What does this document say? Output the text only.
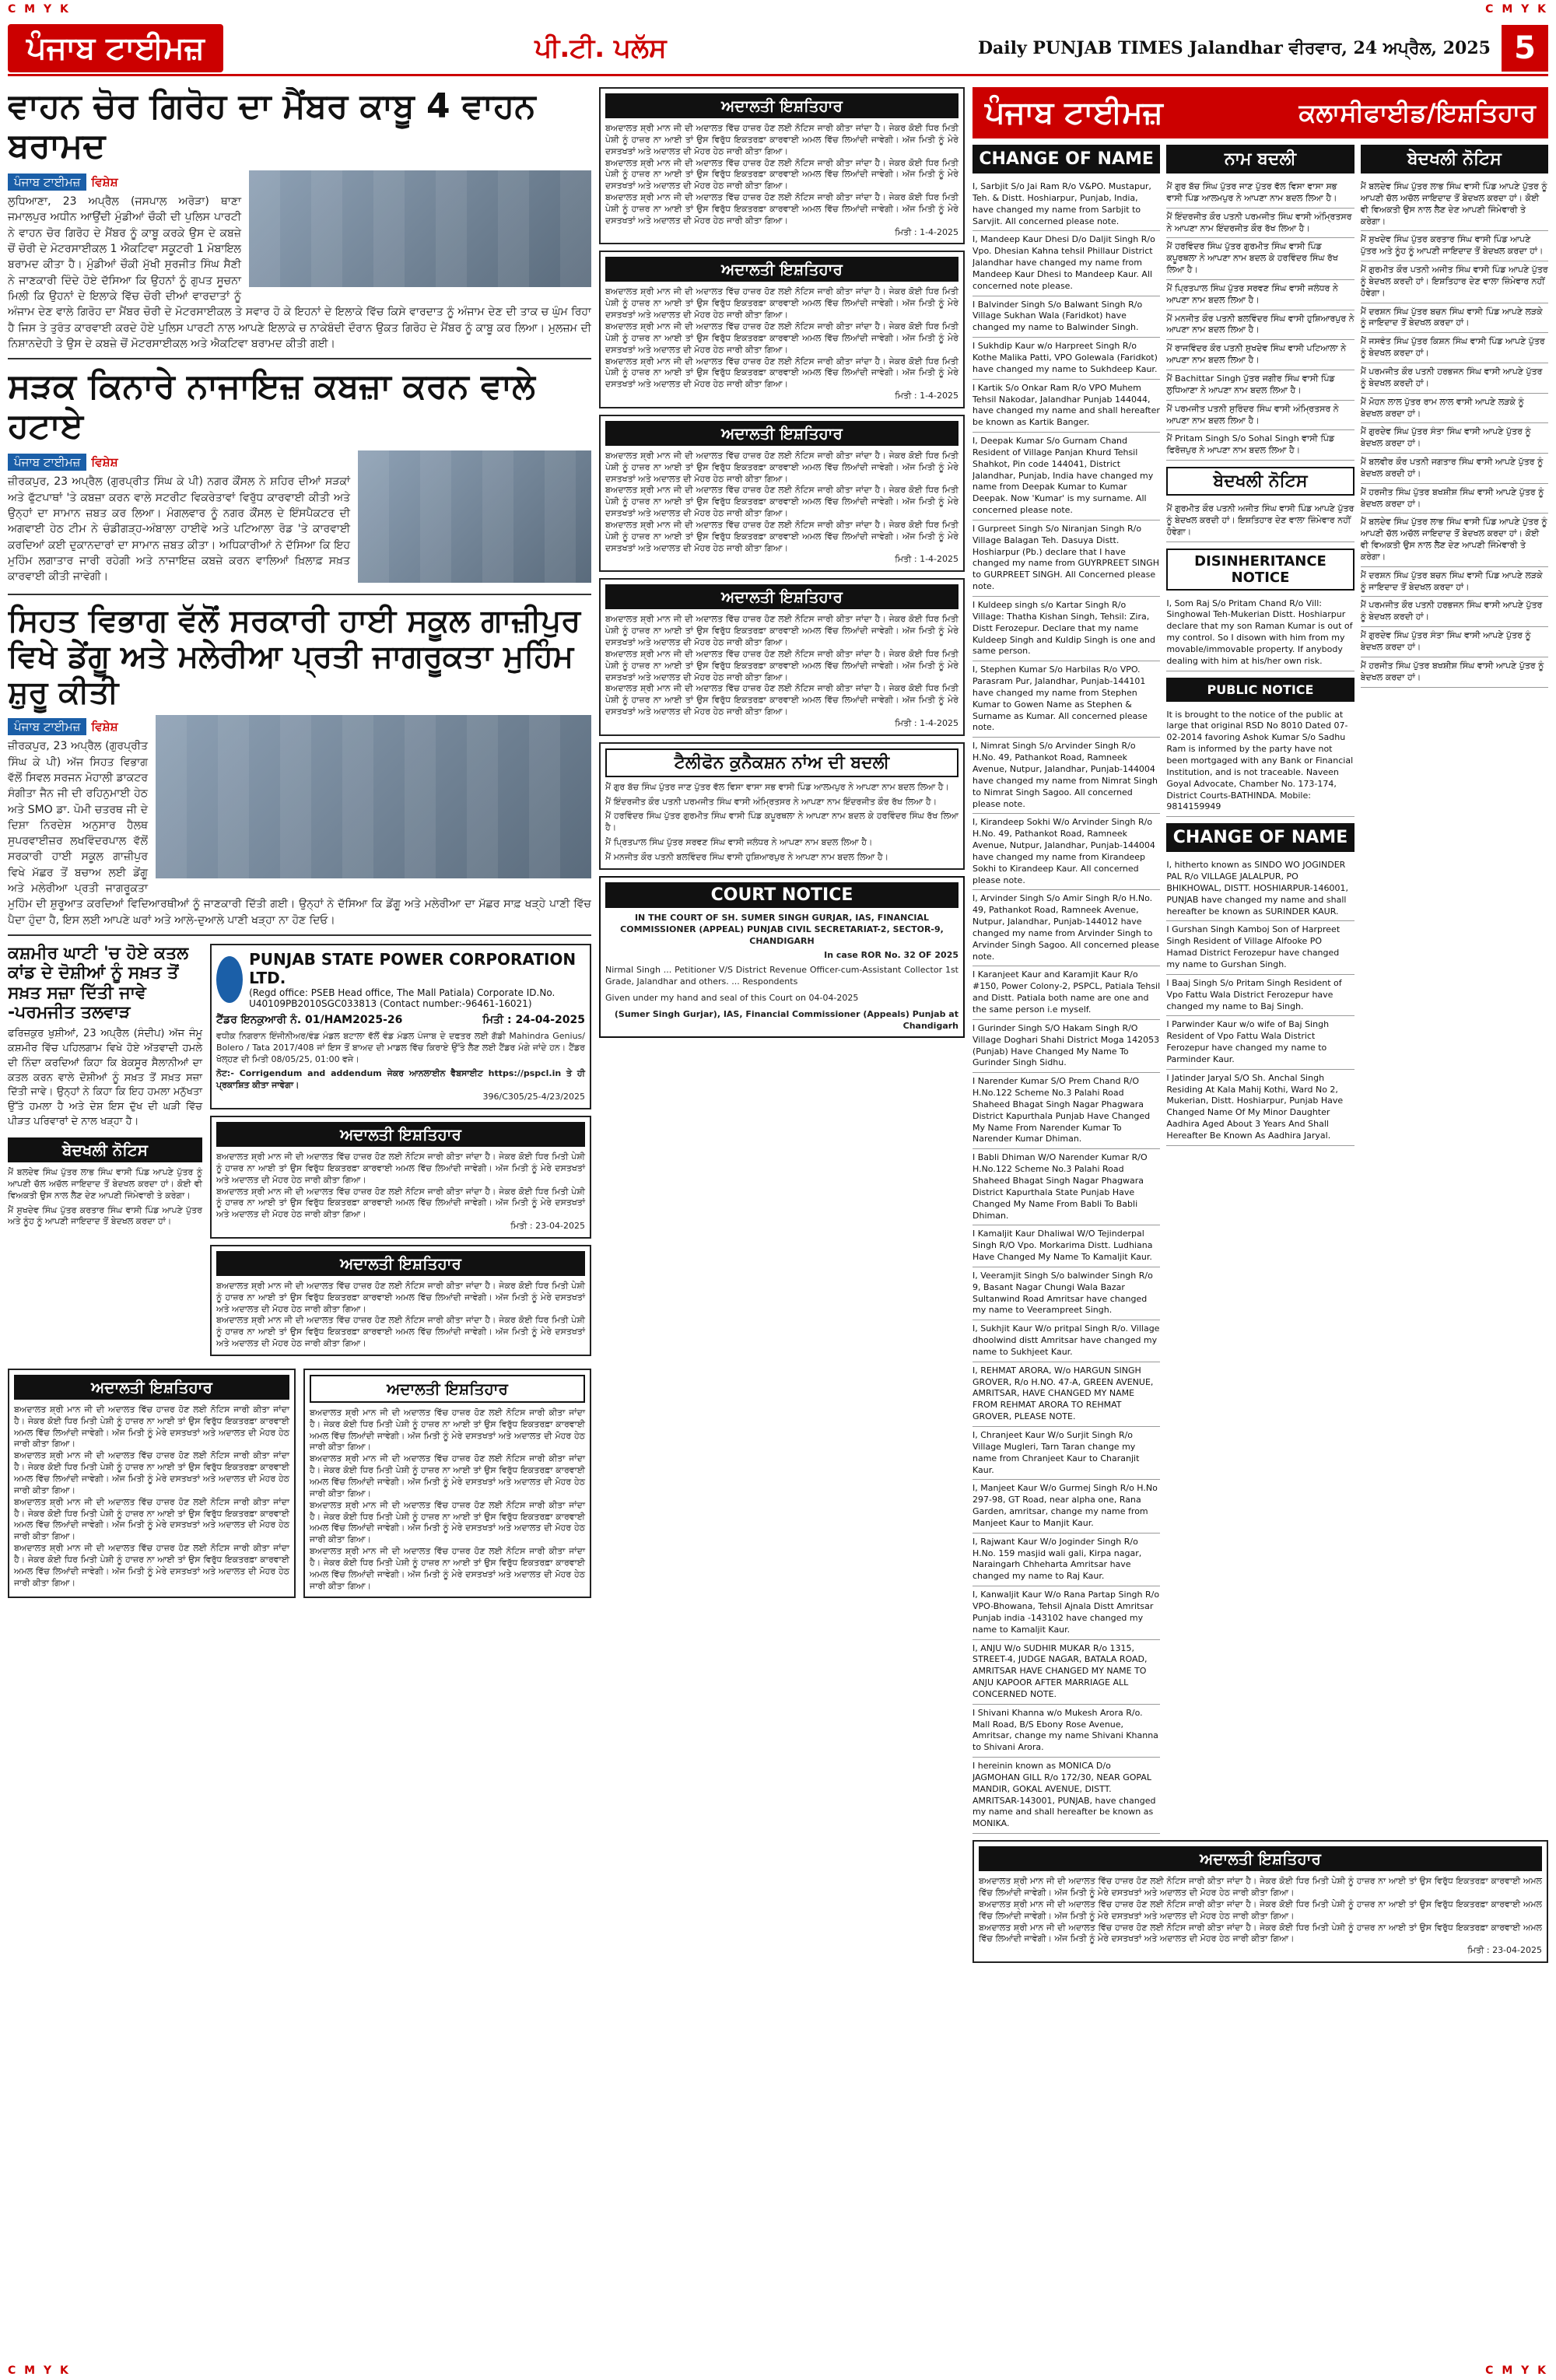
C M Y K	C M Y K
ਪੰਜਾਬ ਟਾਈਮਜ਼	ਪੀ.ਟੀ. ਪਲੱਸ	Daily PUNJAB TIMES Jalandhar ਵੀਰਵਾਰ, 24 ਅਪ੍ਰੈਲ, 2025 5
ਵਾਹਨ ਚੋਰ ਗਿਰੋਹ ਦਾ ਮੈਂਬਰ ਕਾਬੂ 4 ਵਾਹਨ ਬਰਾਮਦ
ਪੰਜਾਬ ਟਾਈਮਜ਼ ਵਿਸ਼ੇਸ਼

ਲੁਧਿਆਣਾ, 23 ਅਪ੍ਰੈਲ (ਜਸਪਾਲ ਅਰੋੜਾ) ਥਾਣਾ ਜਮਾਲਪੁਰ ਅਧੀਨ ਆਉਂਦੀ ਮੁੰਡੀਆਂ ਚੌਕੀ ਦੀ ਪੁਲਿਸ ਪਾਰਟੀ ਨੇ ਵਾਹਨ ਚੋਰ ਗਿਰੋਹ ਦੇ ਮੈਂਬਰ ਨੂੰ ਕਾਬੂ ਕਰਕੇ ਉਸ ਦੇ ਕਬਜ਼ੇ ਚੋਂ ਚੋਰੀ ਦੇ ਮੋਟਰਸਾਈਕਲ 1 ਐਕਟਿਵਾ ਸਕੂਟਰੀ 1 ਮੋਬਾਇਲ ਬਰਾਮਦ ਕੀਤਾ ਹੈ। ਮੁੰਡੀਆਂ ਚੌਕੀ ਮੁੱਖੀ ਸੁਰਜੀਤ ਸਿੰਘ ਸੈਣੀ ਨੇ ਜਾਣਕਾਰੀ ਦਿੰਦੇ ਹੋਏ ਦੱਸਿਆ ਕਿ ਉਹਨਾਂ ਨੂੰ ਗੁਪਤ ਸੂਚਨਾ ਮਿਲੀ ਕਿ ਉਹਨਾਂ ਦੇ ਇਲਾਕੇ ਵਿੱਚ ਚੋਰੀ ਦੀਆਂ ਵਾਰਦਾਤਾਂ ਨੂੰ ਅੰਜਾਮ ਦੇਣ ਵਾਲੇ ਗਿਰੋਹ ਦਾ ਮੈਂਬਰ ਚੋਰੀ ਦੇ ਮੋਟਰਸਾਈਕਲ ਤੇ ਸਵਾਰ ਹੋ ਕੇ ਇਹਨਾਂ ਦੇ ਇਲਾਕੇ ਵਿੱਚ ਕਿਸੇ ਵਾਰਦਾਤ ਨੂੰ ਅੰਜਾਮ ਦੇਣ ਦੀ ਤਾਕ ਚ ਘੁੰਮ ਰਿਹਾ ਹੈ ਜਿਸ ਤੇ ਤੁਰੰਤ ਕਾਰਵਾਈ ਕਰਦੇ ਹੋਏ ਪੁਲਿਸ ਪਾਰਟੀ ਨਾਲ ਆਪਣੇ ਇਲਾਕੇ ਚ ਨਾਕੇਬੰਦੀ ਦੌਰਾਨ ਉਕਤ ਗਿਰੋਹ ਦੇ ਮੈਂਬਰ ਨੂੰ ਕਾਬੂ ਕਰ ਲਿਆ। ਮੁਲਜ਼ਮ ਦੀ ਨਿਸ਼ਾਨਦੇਹੀ ਤੇ ਉਸ ਦੇ ਕਬਜ਼ੇ ਚੋਂ ਮੋਟਰਸਾਈਕਲ ਅਤੇ ਐਕਟਿਵਾ ਬਰਾਮਦ ਕੀਤੀ ਗਈ।

ਸੜਕ ਕਿਨਾਰੇ ਨਾਜਾਇਜ਼ ਕਬਜ਼ਾ ਕਰਨ ਵਾਲੇ ਹਟਾਏ
ਪੰਜਾਬ ਟਾਈਮਜ਼ ਵਿਸ਼ੇਸ਼

ਜ਼ੀਰਕਪੁਰ, 23 ਅਪ੍ਰੈਲ (ਗੁਰਪ੍ਰੀਤ ਸਿੰਘ ਕੇ ਪੀ) ਨਗਰ ਕੌਂਸਲ ਨੇ ਸ਼ਹਿਰ ਦੀਆਂ ਸੜਕਾਂ ਅਤੇ ਫੁੱਟਪਾਥਾਂ 'ਤੇ ਕਬਜ਼ਾ ਕਰਨ ਵਾਲੇ ਸਟਰੀਟ ਵਿਕਰੇਤਾਵਾਂ ਵਿਰੁੱਧ ਕਾਰਵਾਈ ਕੀਤੀ ਅਤੇ ਉਨ੍ਹਾਂ ਦਾ ਸਾਮਾਨ ਜ਼ਬਤ ਕਰ ਲਿਆ। ਮੰਗਲਵਾਰ ਨੂੰ ਨਗਰ ਕੌਂਸਲ ਦੇ ਇੰਸਪੈਕਟਰ ਦੀ ਅਗਵਾਈ ਹੇਠ ਟੀਮ ਨੇ ਚੰਡੀਗੜ੍ਹ-ਅੰਬਾਲਾ ਹਾਈਵੇ ਅਤੇ ਪਟਿਆਲਾ ਰੋਡ 'ਤੇ ਕਾਰਵਾਈ ਕਰਦਿਆਂ ਕਈ ਦੁਕਾਨਦਾਰਾਂ ਦਾ ਸਾਮਾਨ ਜ਼ਬਤ ਕੀਤਾ। ਅਧਿਕਾਰੀਆਂ ਨੇ ਦੱਸਿਆ ਕਿ ਇਹ ਮੁਹਿੰਮ ਲਗਾਤਾਰ ਜਾਰੀ ਰਹੇਗੀ ਅਤੇ ਨਾਜਾਇਜ਼ ਕਬਜ਼ੇ ਕਰਨ ਵਾਲਿਆਂ ਖ਼ਿਲਾਫ਼ ਸਖ਼ਤ ਕਾਰਵਾਈ ਕੀਤੀ ਜਾਵੇਗੀ।

ਸਿਹਤ ਵਿਭਾਗ ਵੱਲੋਂ ਸਰਕਾਰੀ ਹਾਈ ਸਕੂਲ ਗਾਜ਼ੀਪੁਰ ਵਿਖੇ ਡੇਂਗੂ ਅਤੇ ਮਲੇਰੀਆ ਪ੍ਰਤੀ ਜਾਗਰੂਕਤਾ ਮੁਹਿੰਮ ਸ਼ੁਰੂ ਕੀਤੀ
ਪੰਜਾਬ ਟਾਈਮਜ਼ ਵਿਸ਼ੇਸ਼

ਜ਼ੀਰਕਪੁਰ, 23 ਅਪ੍ਰੈਲ (ਗੁਰਪ੍ਰੀਤ ਸਿੰਘ ਕੇ ਪੀ) ਅੱਜ ਸਿਹਤ ਵਿਭਾਗ ਵੱਲੋਂ ਸਿਵਲ ਸਰਜਨ ਮੋਹਾਲੀ ਡਾਕਟਰ ਸੰਗੀਤਾ ਜੈਨ ਜੀ ਦੀ ਰਹਿਨੁਮਾਈ ਹੇਠ ਅਤੇ SMO ਡਾ. ਪੋਮੀ ਚਤਰਥ ਜੀ ਦੇ ਦਿਸ਼ਾ ਨਿਰਦੇਸ਼ ਅਨੁਸਾਰ ਹੈਲਥ ਸੁਪਰਵਾਈਜ਼ਰ ਲਖਵਿੰਦਰਪਾਲ ਵੱਲੋਂ ਸਰਕਾਰੀ ਹਾਈ ਸਕੂਲ ਗਾਜ਼ੀਪੁਰ ਵਿਖੇ ਮੱਛਰ ਤੋਂ ਬਚਾਅ ਲਈ ਡੇਂਗੂ ਅਤੇ ਮਲੇਰੀਆ ਪ੍ਰਤੀ ਜਾਗਰੂਕਤਾ ਮੁਹਿੰਮ ਦੀ ਸ਼ੁਰੂਆਤ ਕਰਦਿਆਂ ਵਿਦਿਆਰਥੀਆਂ ਨੂੰ ਜਾਣਕਾਰੀ ਦਿੱਤੀ ਗਈ। ਉਨ੍ਹਾਂ ਨੇ ਦੱਸਿਆ ਕਿ ਡੇਂਗੂ ਅਤੇ ਮਲੇਰੀਆ ਦਾ ਮੱਛਰ ਸਾਫ਼ ਖੜ੍ਹੇ ਪਾਣੀ ਵਿੱਚ ਪੈਦਾ ਹੁੰਦਾ ਹੈ, ਇਸ ਲਈ ਆਪਣੇ ਘਰਾਂ ਅਤੇ ਆਲੇ-ਦੁਆਲੇ ਪਾਣੀ ਖੜ੍ਹਾ ਨਾ ਹੋਣ ਦਿਓ।

ਕਸ਼ਮੀਰ ਘਾਟੀ 'ਚ ਹੋਏ ਕਤਲ ਕਾਂਡ ਦੇ ਦੋਸ਼ੀਆਂ ਨੂੰ ਸਖ਼ਤ ਤੋਂ ਸਖ਼ਤ ਸਜ਼ਾ ਦਿੱਤੀ ਜਾਵੇ -ਪਰਮਜੀਤ ਤਲਵਾੜ

ਫਰਿਜ਼ਕੁਰ ਖੁਸ਼ੀਆਂ, 23 ਅਪ੍ਰੈਲ (ਸੰਦੀਪ) ਅੱਜ ਜੰਮੂ ਕਸ਼ਮੀਰ ਵਿੱਚ ਪਹਿਲਗਾਮ ਵਿਖੇ ਹੋਏ ਅੱਤਵਾਦੀ ਹਮਲੇ ਦੀ ਨਿੰਦਾ ਕਰਦਿਆਂ ਕਿਹਾ ਕਿ ਬੇਕਸੂਰ ਸੈਲਾਨੀਆਂ ਦਾ ਕਤਲ ਕਰਨ ਵਾਲੇ ਦੋਸ਼ੀਆਂ ਨੂੰ ਸਖ਼ਤ ਤੋਂ ਸਖ਼ਤ ਸਜ਼ਾ ਦਿੱਤੀ ਜਾਵੇ। ਉਨ੍ਹਾਂ ਨੇ ਕਿਹਾ ਕਿ ਇਹ ਹਮਲਾ ਮਨੁੱਖਤਾ ਉੱਤੇ ਹਮਲਾ ਹੈ ਅਤੇ ਦੇਸ਼ ਇਸ ਦੁੱਖ ਦੀ ਘੜੀ ਵਿੱਚ ਪੀੜਤ ਪਰਿਵਾਰਾਂ ਦੇ ਨਾਲ ਖੜ੍ਹਾ ਹੈ।

ਬੇਦਖਲੀ ਨੋਟਿਸ

ਮੈਂ ਬਲਦੇਵ ਸਿੰਘ ਪੁੱਤਰ ਲਾਭ ਸਿੰਘ ਵਾਸੀ ਪਿੰਡ ਆਪਣੇ ਪੁੱਤਰ ਨੂੰ ਆਪਣੀ ਚੱਲ ਅਚੱਲ ਜਾਇਦਾਦ ਤੋਂ ਬੇਦਖਲ ਕਰਦਾ ਹਾਂ। ਕੋਈ ਵੀ ਵਿਅਕਤੀ ਉਸ ਨਾਲ ਲੈਣ ਦੇਣ ਆਪਣੀ ਜਿੰਮੇਵਾਰੀ ਤੇ ਕਰੇਗਾ।

ਮੈਂ ਸੁਖਦੇਵ ਸਿੰਘ ਪੁੱਤਰ ਕਰਤਾਰ ਸਿੰਘ ਵਾਸੀ ਪਿੰਡ ਆਪਣੇ ਪੁੱਤਰ ਅਤੇ ਨੂੰਹ ਨੂੰ ਆਪਣੀ ਜਾਇਦਾਦ ਤੋਂ ਬੇਦਖਲ ਕਰਦਾ ਹਾਂ।

PUNJAB STATE POWER CORPORATION LTD.
(Regd office: PSEB Head office, The Mall Patiala) Corporate ID.No. U40109PB2010SGC033813 (Contact number:-96461-16021)
ਟੈਂਡਰ ਇਨਕੁਆਰੀ ਨੰ. 01/HAM2025-26	ਮਿਤੀ : 24-04-2025

ਵਧੀਕ ਨਿਗਰਾਨ ਇੰਜੀਨੀਅਰ/ਵੰਡ ਮੰਡਲ ਬਟਾਲਾ ਵੱਲੋਂ ਵੰਡ ਮੰਡਲ ਪੰਜਾਬ ਦੇ ਦਫਤਰ ਲਈ ਗੱਡੀ Mahindra Genius/ Bolero / Tata 2017/408 ਜਾਂ ਇਸ ਤੋਂ ਬਾਅਦ ਦੀ ਮਾਡਲ ਵਿੱਚ ਕਿਰਾਏ ਉੱਤੇ ਲੈਣ ਲਈ ਟੈਂਡਰ ਮੰਗੇ ਜਾਂਦੇ ਹਨ। ਟੈਂਡਰ ਖੋਲ੍ਹਣ ਦੀ ਮਿਤੀ 08/05/25, 01:00 ਵਜੇ।

ਨੋਟ:- Corrigendum and addendum ਜੇਕਰ ਆਨਲਾਈਨ ਵੈਬਸਾਈਟ https://pspcl.in ਤੇ ਹੀ ਪ੍ਰਕਾਸ਼ਿਤ ਕੀਤਾ ਜਾਵੇਗਾ।

396/C305/25-4/23/2025

ਅਦਾਲਤੀ ਇਸ਼ਤਿਹਾਰ

ਬਅਦਾਲਤ ਸ਼੍ਰੀ ਮਾਨ ਜੀ ਦੀ ਅਦਾਲਤ ਵਿੱਚ ਹਾਜ਼ਰ ਹੋਣ ਲਈ ਨੋਟਿਸ ਜਾਰੀ ਕੀਤਾ ਜਾਂਦਾ ਹੈ। ਜੇਕਰ ਕੋਈ ਧਿਰ ਮਿਤੀ ਪੇਸ਼ੀ ਨੂੰ ਹਾਜ਼ਰ ਨਾ ਆਈ ਤਾਂ ਉਸ ਵਿਰੁੱਧ ਇਕਤਰਫ਼ਾ ਕਾਰਵਾਈ ਅਮਲ ਵਿੱਚ ਲਿਆਂਦੀ ਜਾਵੇਗੀ। ਅੱਜ ਮਿਤੀ ਨੂੰ ਮੇਰੇ ਦਸਤਖਤਾਂ ਅਤੇ ਅਦਾਲਤ ਦੀ ਮੋਹਰ ਹੇਠ ਜਾਰੀ ਕੀਤਾ ਗਿਆ।

ਬਅਦਾਲਤ ਸ਼੍ਰੀ ਮਾਨ ਜੀ ਦੀ ਅਦਾਲਤ ਵਿੱਚ ਹਾਜ਼ਰ ਹੋਣ ਲਈ ਨੋਟਿਸ ਜਾਰੀ ਕੀਤਾ ਜਾਂਦਾ ਹੈ। ਜੇਕਰ ਕੋਈ ਧਿਰ ਮਿਤੀ ਪੇਸ਼ੀ ਨੂੰ ਹਾਜ਼ਰ ਨਾ ਆਈ ਤਾਂ ਉਸ ਵਿਰੁੱਧ ਇਕਤਰਫ਼ਾ ਕਾਰਵਾਈ ਅਮਲ ਵਿੱਚ ਲਿਆਂਦੀ ਜਾਵੇਗੀ। ਅੱਜ ਮਿਤੀ ਨੂੰ ਮੇਰੇ ਦਸਤਖਤਾਂ ਅਤੇ ਅਦਾਲਤ ਦੀ ਮੋਹਰ ਹੇਠ ਜਾਰੀ ਕੀਤਾ ਗਿਆ।

ਮਿਤੀ : 23-04-2025

ਅਦਾਲਤੀ ਇਸ਼ਤਿਹਾਰ

ਬਅਦਾਲਤ ਸ਼੍ਰੀ ਮਾਨ ਜੀ ਦੀ ਅਦਾਲਤ ਵਿੱਚ ਹਾਜ਼ਰ ਹੋਣ ਲਈ ਨੋਟਿਸ ਜਾਰੀ ਕੀਤਾ ਜਾਂਦਾ ਹੈ। ਜੇਕਰ ਕੋਈ ਧਿਰ ਮਿਤੀ ਪੇਸ਼ੀ ਨੂੰ ਹਾਜ਼ਰ ਨਾ ਆਈ ਤਾਂ ਉਸ ਵਿਰੁੱਧ ਇਕਤਰਫ਼ਾ ਕਾਰਵਾਈ ਅਮਲ ਵਿੱਚ ਲਿਆਂਦੀ ਜਾਵੇਗੀ। ਅੱਜ ਮਿਤੀ ਨੂੰ ਮੇਰੇ ਦਸਤਖਤਾਂ ਅਤੇ ਅਦਾਲਤ ਦੀ ਮੋਹਰ ਹੇਠ ਜਾਰੀ ਕੀਤਾ ਗਿਆ।

ਬਅਦਾਲਤ ਸ਼੍ਰੀ ਮਾਨ ਜੀ ਦੀ ਅਦਾਲਤ ਵਿੱਚ ਹਾਜ਼ਰ ਹੋਣ ਲਈ ਨੋਟਿਸ ਜਾਰੀ ਕੀਤਾ ਜਾਂਦਾ ਹੈ। ਜੇਕਰ ਕੋਈ ਧਿਰ ਮਿਤੀ ਪੇਸ਼ੀ ਨੂੰ ਹਾਜ਼ਰ ਨਾ ਆਈ ਤਾਂ ਉਸ ਵਿਰੁੱਧ ਇਕਤਰਫ਼ਾ ਕਾਰਵਾਈ ਅਮਲ ਵਿੱਚ ਲਿਆਂਦੀ ਜਾਵੇਗੀ। ਅੱਜ ਮਿਤੀ ਨੂੰ ਮੇਰੇ ਦਸਤਖਤਾਂ ਅਤੇ ਅਦਾਲਤ ਦੀ ਮੋਹਰ ਹੇਠ ਜਾਰੀ ਕੀਤਾ ਗਿਆ।

ਅਦਾਲਤੀ ਇਸ਼ਤਿਹਾਰ

ਬਅਦਾਲਤ ਸ਼੍ਰੀ ਮਾਨ ਜੀ ਦੀ ਅਦਾਲਤ ਵਿੱਚ ਹਾਜ਼ਰ ਹੋਣ ਲਈ ਨੋਟਿਸ ਜਾਰੀ ਕੀਤਾ ਜਾਂਦਾ ਹੈ। ਜੇਕਰ ਕੋਈ ਧਿਰ ਮਿਤੀ ਪੇਸ਼ੀ ਨੂੰ ਹਾਜ਼ਰ ਨਾ ਆਈ ਤਾਂ ਉਸ ਵਿਰੁੱਧ ਇਕਤਰਫ਼ਾ ਕਾਰਵਾਈ ਅਮਲ ਵਿੱਚ ਲਿਆਂਦੀ ਜਾਵੇਗੀ। ਅੱਜ ਮਿਤੀ ਨੂੰ ਮੇਰੇ ਦਸਤਖਤਾਂ ਅਤੇ ਅਦਾਲਤ ਦੀ ਮੋਹਰ ਹੇਠ ਜਾਰੀ ਕੀਤਾ ਗਿਆ।

ਬਅਦਾਲਤ ਸ਼੍ਰੀ ਮਾਨ ਜੀ ਦੀ ਅਦਾਲਤ ਵਿੱਚ ਹਾਜ਼ਰ ਹੋਣ ਲਈ ਨੋਟਿਸ ਜਾਰੀ ਕੀਤਾ ਜਾਂਦਾ ਹੈ। ਜੇਕਰ ਕੋਈ ਧਿਰ ਮਿਤੀ ਪੇਸ਼ੀ ਨੂੰ ਹਾਜ਼ਰ ਨਾ ਆਈ ਤਾਂ ਉਸ ਵਿਰੁੱਧ ਇਕਤਰਫ਼ਾ ਕਾਰਵਾਈ ਅਮਲ ਵਿੱਚ ਲਿਆਂਦੀ ਜਾਵੇਗੀ। ਅੱਜ ਮਿਤੀ ਨੂੰ ਮੇਰੇ ਦਸਤਖਤਾਂ ਅਤੇ ਅਦਾਲਤ ਦੀ ਮੋਹਰ ਹੇਠ ਜਾਰੀ ਕੀਤਾ ਗਿਆ।

ਬਅਦਾਲਤ ਸ਼੍ਰੀ ਮਾਨ ਜੀ ਦੀ ਅਦਾਲਤ ਵਿੱਚ ਹਾਜ਼ਰ ਹੋਣ ਲਈ ਨੋਟਿਸ ਜਾਰੀ ਕੀਤਾ ਜਾਂਦਾ ਹੈ। ਜੇਕਰ ਕੋਈ ਧਿਰ ਮਿਤੀ ਪੇਸ਼ੀ ਨੂੰ ਹਾਜ਼ਰ ਨਾ ਆਈ ਤਾਂ ਉਸ ਵਿਰੁੱਧ ਇਕਤਰਫ਼ਾ ਕਾਰਵਾਈ ਅਮਲ ਵਿੱਚ ਲਿਆਂਦੀ ਜਾਵੇਗੀ। ਅੱਜ ਮਿਤੀ ਨੂੰ ਮੇਰੇ ਦਸਤਖਤਾਂ ਅਤੇ ਅਦਾਲਤ ਦੀ ਮੋਹਰ ਹੇਠ ਜਾਰੀ ਕੀਤਾ ਗਿਆ।

ਬਅਦਾਲਤ ਸ਼੍ਰੀ ਮਾਨ ਜੀ ਦੀ ਅਦਾਲਤ ਵਿੱਚ ਹਾਜ਼ਰ ਹੋਣ ਲਈ ਨੋਟਿਸ ਜਾਰੀ ਕੀਤਾ ਜਾਂਦਾ ਹੈ। ਜੇਕਰ ਕੋਈ ਧਿਰ ਮਿਤੀ ਪੇਸ਼ੀ ਨੂੰ ਹਾਜ਼ਰ ਨਾ ਆਈ ਤਾਂ ਉਸ ਵਿਰੁੱਧ ਇਕਤਰਫ਼ਾ ਕਾਰਵਾਈ ਅਮਲ ਵਿੱਚ ਲਿਆਂਦੀ ਜਾਵੇਗੀ। ਅੱਜ ਮਿਤੀ ਨੂੰ ਮੇਰੇ ਦਸਤਖਤਾਂ ਅਤੇ ਅਦਾਲਤ ਦੀ ਮੋਹਰ ਹੇਠ ਜਾਰੀ ਕੀਤਾ ਗਿਆ।

ਅਦਾਲਤੀ ਇਸ਼ਤਿਹਾਰ

ਬਅਦਾਲਤ ਸ਼੍ਰੀ ਮਾਨ ਜੀ ਦੀ ਅਦਾਲਤ ਵਿੱਚ ਹਾਜ਼ਰ ਹੋਣ ਲਈ ਨੋਟਿਸ ਜਾਰੀ ਕੀਤਾ ਜਾਂਦਾ ਹੈ। ਜੇਕਰ ਕੋਈ ਧਿਰ ਮਿਤੀ ਪੇਸ਼ੀ ਨੂੰ ਹਾਜ਼ਰ ਨਾ ਆਈ ਤਾਂ ਉਸ ਵਿਰੁੱਧ ਇਕਤਰਫ਼ਾ ਕਾਰਵਾਈ ਅਮਲ ਵਿੱਚ ਲਿਆਂਦੀ ਜਾਵੇਗੀ। ਅੱਜ ਮਿਤੀ ਨੂੰ ਮੇਰੇ ਦਸਤਖਤਾਂ ਅਤੇ ਅਦਾਲਤ ਦੀ ਮੋਹਰ ਹੇਠ ਜਾਰੀ ਕੀਤਾ ਗਿਆ।

ਬਅਦਾਲਤ ਸ਼੍ਰੀ ਮਾਨ ਜੀ ਦੀ ਅਦਾਲਤ ਵਿੱਚ ਹਾਜ਼ਰ ਹੋਣ ਲਈ ਨੋਟਿਸ ਜਾਰੀ ਕੀਤਾ ਜਾਂਦਾ ਹੈ। ਜੇਕਰ ਕੋਈ ਧਿਰ ਮਿਤੀ ਪੇਸ਼ੀ ਨੂੰ ਹਾਜ਼ਰ ਨਾ ਆਈ ਤਾਂ ਉਸ ਵਿਰੁੱਧ ਇਕਤਰਫ਼ਾ ਕਾਰਵਾਈ ਅਮਲ ਵਿੱਚ ਲਿਆਂਦੀ ਜਾਵੇਗੀ। ਅੱਜ ਮਿਤੀ ਨੂੰ ਮੇਰੇ ਦਸਤਖਤਾਂ ਅਤੇ ਅਦਾਲਤ ਦੀ ਮੋਹਰ ਹੇਠ ਜਾਰੀ ਕੀਤਾ ਗਿਆ।

ਬਅਦਾਲਤ ਸ਼੍ਰੀ ਮਾਨ ਜੀ ਦੀ ਅਦਾਲਤ ਵਿੱਚ ਹਾਜ਼ਰ ਹੋਣ ਲਈ ਨੋਟਿਸ ਜਾਰੀ ਕੀਤਾ ਜਾਂਦਾ ਹੈ। ਜੇਕਰ ਕੋਈ ਧਿਰ ਮਿਤੀ ਪੇਸ਼ੀ ਨੂੰ ਹਾਜ਼ਰ ਨਾ ਆਈ ਤਾਂ ਉਸ ਵਿਰੁੱਧ ਇਕਤਰਫ਼ਾ ਕਾਰਵਾਈ ਅਮਲ ਵਿੱਚ ਲਿਆਂਦੀ ਜਾਵੇਗੀ। ਅੱਜ ਮਿਤੀ ਨੂੰ ਮੇਰੇ ਦਸਤਖਤਾਂ ਅਤੇ ਅਦਾਲਤ ਦੀ ਮੋਹਰ ਹੇਠ ਜਾਰੀ ਕੀਤਾ ਗਿਆ।

ਬਅਦਾਲਤ ਸ਼੍ਰੀ ਮਾਨ ਜੀ ਦੀ ਅਦਾਲਤ ਵਿੱਚ ਹਾਜ਼ਰ ਹੋਣ ਲਈ ਨੋਟਿਸ ਜਾਰੀ ਕੀਤਾ ਜਾਂਦਾ ਹੈ। ਜੇਕਰ ਕੋਈ ਧਿਰ ਮਿਤੀ ਪੇਸ਼ੀ ਨੂੰ ਹਾਜ਼ਰ ਨਾ ਆਈ ਤਾਂ ਉਸ ਵਿਰੁੱਧ ਇਕਤਰਫ਼ਾ ਕਾਰਵਾਈ ਅਮਲ ਵਿੱਚ ਲਿਆਂਦੀ ਜਾਵੇਗੀ। ਅੱਜ ਮਿਤੀ ਨੂੰ ਮੇਰੇ ਦਸਤਖਤਾਂ ਅਤੇ ਅਦਾਲਤ ਦੀ ਮੋਹਰ ਹੇਠ ਜਾਰੀ ਕੀਤਾ ਗਿਆ।

ਅਦਾਲਤੀ ਇਸ਼ਤਿਹਾਰ

ਬਅਦਾਲਤ ਸ਼੍ਰੀ ਮਾਨ ਜੀ ਦੀ ਅਦਾਲਤ ਵਿੱਚ ਹਾਜ਼ਰ ਹੋਣ ਲਈ ਨੋਟਿਸ ਜਾਰੀ ਕੀਤਾ ਜਾਂਦਾ ਹੈ। ਜੇਕਰ ਕੋਈ ਧਿਰ ਮਿਤੀ ਪੇਸ਼ੀ ਨੂੰ ਹਾਜ਼ਰ ਨਾ ਆਈ ਤਾਂ ਉਸ ਵਿਰੁੱਧ ਇਕਤਰਫ਼ਾ ਕਾਰਵਾਈ ਅਮਲ ਵਿੱਚ ਲਿਆਂਦੀ ਜਾਵੇਗੀ। ਅੱਜ ਮਿਤੀ ਨੂੰ ਮੇਰੇ ਦਸਤਖਤਾਂ ਅਤੇ ਅਦਾਲਤ ਦੀ ਮੋਹਰ ਹੇਠ ਜਾਰੀ ਕੀਤਾ ਗਿਆ।

ਬਅਦਾਲਤ ਸ਼੍ਰੀ ਮਾਨ ਜੀ ਦੀ ਅਦਾਲਤ ਵਿੱਚ ਹਾਜ਼ਰ ਹੋਣ ਲਈ ਨੋਟਿਸ ਜਾਰੀ ਕੀਤਾ ਜਾਂਦਾ ਹੈ। ਜੇਕਰ ਕੋਈ ਧਿਰ ਮਿਤੀ ਪੇਸ਼ੀ ਨੂੰ ਹਾਜ਼ਰ ਨਾ ਆਈ ਤਾਂ ਉਸ ਵਿਰੁੱਧ ਇਕਤਰਫ਼ਾ ਕਾਰਵਾਈ ਅਮਲ ਵਿੱਚ ਲਿਆਂਦੀ ਜਾਵੇਗੀ। ਅੱਜ ਮਿਤੀ ਨੂੰ ਮੇਰੇ ਦਸਤਖਤਾਂ ਅਤੇ ਅਦਾਲਤ ਦੀ ਮੋਹਰ ਹੇਠ ਜਾਰੀ ਕੀਤਾ ਗਿਆ।

ਬਅਦਾਲਤ ਸ਼੍ਰੀ ਮਾਨ ਜੀ ਦੀ ਅਦਾਲਤ ਵਿੱਚ ਹਾਜ਼ਰ ਹੋਣ ਲਈ ਨੋਟਿਸ ਜਾਰੀ ਕੀਤਾ ਜਾਂਦਾ ਹੈ। ਜੇਕਰ ਕੋਈ ਧਿਰ ਮਿਤੀ ਪੇਸ਼ੀ ਨੂੰ ਹਾਜ਼ਰ ਨਾ ਆਈ ਤਾਂ ਉਸ ਵਿਰੁੱਧ ਇਕਤਰਫ਼ਾ ਕਾਰਵਾਈ ਅਮਲ ਵਿੱਚ ਲਿਆਂਦੀ ਜਾਵੇਗੀ। ਅੱਜ ਮਿਤੀ ਨੂੰ ਮੇਰੇ ਦਸਤਖਤਾਂ ਅਤੇ ਅਦਾਲਤ ਦੀ ਮੋਹਰ ਹੇਠ ਜਾਰੀ ਕੀਤਾ ਗਿਆ।

ਮਿਤੀ : 1-4-2025

ਅਦਾਲਤੀ ਇਸ਼ਤਿਹਾਰ

ਬਅਦਾਲਤ ਸ਼੍ਰੀ ਮਾਨ ਜੀ ਦੀ ਅਦਾਲਤ ਵਿੱਚ ਹਾਜ਼ਰ ਹੋਣ ਲਈ ਨੋਟਿਸ ਜਾਰੀ ਕੀਤਾ ਜਾਂਦਾ ਹੈ। ਜੇਕਰ ਕੋਈ ਧਿਰ ਮਿਤੀ ਪੇਸ਼ੀ ਨੂੰ ਹਾਜ਼ਰ ਨਾ ਆਈ ਤਾਂ ਉਸ ਵਿਰੁੱਧ ਇਕਤਰਫ਼ਾ ਕਾਰਵਾਈ ਅਮਲ ਵਿੱਚ ਲਿਆਂਦੀ ਜਾਵੇਗੀ। ਅੱਜ ਮਿਤੀ ਨੂੰ ਮੇਰੇ ਦਸਤਖਤਾਂ ਅਤੇ ਅਦਾਲਤ ਦੀ ਮੋਹਰ ਹੇਠ ਜਾਰੀ ਕੀਤਾ ਗਿਆ।

ਬਅਦਾਲਤ ਸ਼੍ਰੀ ਮਾਨ ਜੀ ਦੀ ਅਦਾਲਤ ਵਿੱਚ ਹਾਜ਼ਰ ਹੋਣ ਲਈ ਨੋਟਿਸ ਜਾਰੀ ਕੀਤਾ ਜਾਂਦਾ ਹੈ। ਜੇਕਰ ਕੋਈ ਧਿਰ ਮਿਤੀ ਪੇਸ਼ੀ ਨੂੰ ਹਾਜ਼ਰ ਨਾ ਆਈ ਤਾਂ ਉਸ ਵਿਰੁੱਧ ਇਕਤਰਫ਼ਾ ਕਾਰਵਾਈ ਅਮਲ ਵਿੱਚ ਲਿਆਂਦੀ ਜਾਵੇਗੀ। ਅੱਜ ਮਿਤੀ ਨੂੰ ਮੇਰੇ ਦਸਤਖਤਾਂ ਅਤੇ ਅਦਾਲਤ ਦੀ ਮੋਹਰ ਹੇਠ ਜਾਰੀ ਕੀਤਾ ਗਿਆ।

ਬਅਦਾਲਤ ਸ਼੍ਰੀ ਮਾਨ ਜੀ ਦੀ ਅਦਾਲਤ ਵਿੱਚ ਹਾਜ਼ਰ ਹੋਣ ਲਈ ਨੋਟਿਸ ਜਾਰੀ ਕੀਤਾ ਜਾਂਦਾ ਹੈ। ਜੇਕਰ ਕੋਈ ਧਿਰ ਮਿਤੀ ਪੇਸ਼ੀ ਨੂੰ ਹਾਜ਼ਰ ਨਾ ਆਈ ਤਾਂ ਉਸ ਵਿਰੁੱਧ ਇਕਤਰਫ਼ਾ ਕਾਰਵਾਈ ਅਮਲ ਵਿੱਚ ਲਿਆਂਦੀ ਜਾਵੇਗੀ। ਅੱਜ ਮਿਤੀ ਨੂੰ ਮੇਰੇ ਦਸਤਖਤਾਂ ਅਤੇ ਅਦਾਲਤ ਦੀ ਮੋਹਰ ਹੇਠ ਜਾਰੀ ਕੀਤਾ ਗਿਆ।

ਮਿਤੀ : 1-4-2025

ਅਦਾਲਤੀ ਇਸ਼ਤਿਹਾਰ

ਬਅਦਾਲਤ ਸ਼੍ਰੀ ਮਾਨ ਜੀ ਦੀ ਅਦਾਲਤ ਵਿੱਚ ਹਾਜ਼ਰ ਹੋਣ ਲਈ ਨੋਟਿਸ ਜਾਰੀ ਕੀਤਾ ਜਾਂਦਾ ਹੈ। ਜੇਕਰ ਕੋਈ ਧਿਰ ਮਿਤੀ ਪੇਸ਼ੀ ਨੂੰ ਹਾਜ਼ਰ ਨਾ ਆਈ ਤਾਂ ਉਸ ਵਿਰੁੱਧ ਇਕਤਰਫ਼ਾ ਕਾਰਵਾਈ ਅਮਲ ਵਿੱਚ ਲਿਆਂਦੀ ਜਾਵੇਗੀ। ਅੱਜ ਮਿਤੀ ਨੂੰ ਮੇਰੇ ਦਸਤਖਤਾਂ ਅਤੇ ਅਦਾਲਤ ਦੀ ਮੋਹਰ ਹੇਠ ਜਾਰੀ ਕੀਤਾ ਗਿਆ।

ਬਅਦਾਲਤ ਸ਼੍ਰੀ ਮਾਨ ਜੀ ਦੀ ਅਦਾਲਤ ਵਿੱਚ ਹਾਜ਼ਰ ਹੋਣ ਲਈ ਨੋਟਿਸ ਜਾਰੀ ਕੀਤਾ ਜਾਂਦਾ ਹੈ। ਜੇਕਰ ਕੋਈ ਧਿਰ ਮਿਤੀ ਪੇਸ਼ੀ ਨੂੰ ਹਾਜ਼ਰ ਨਾ ਆਈ ਤਾਂ ਉਸ ਵਿਰੁੱਧ ਇਕਤਰਫ਼ਾ ਕਾਰਵਾਈ ਅਮਲ ਵਿੱਚ ਲਿਆਂਦੀ ਜਾਵੇਗੀ। ਅੱਜ ਮਿਤੀ ਨੂੰ ਮੇਰੇ ਦਸਤਖਤਾਂ ਅਤੇ ਅਦਾਲਤ ਦੀ ਮੋਹਰ ਹੇਠ ਜਾਰੀ ਕੀਤਾ ਗਿਆ।

ਬਅਦਾਲਤ ਸ਼੍ਰੀ ਮਾਨ ਜੀ ਦੀ ਅਦਾਲਤ ਵਿੱਚ ਹਾਜ਼ਰ ਹੋਣ ਲਈ ਨੋਟਿਸ ਜਾਰੀ ਕੀਤਾ ਜਾਂਦਾ ਹੈ। ਜੇਕਰ ਕੋਈ ਧਿਰ ਮਿਤੀ ਪੇਸ਼ੀ ਨੂੰ ਹਾਜ਼ਰ ਨਾ ਆਈ ਤਾਂ ਉਸ ਵਿਰੁੱਧ ਇਕਤਰਫ਼ਾ ਕਾਰਵਾਈ ਅਮਲ ਵਿੱਚ ਲਿਆਂਦੀ ਜਾਵੇਗੀ। ਅੱਜ ਮਿਤੀ ਨੂੰ ਮੇਰੇ ਦਸਤਖਤਾਂ ਅਤੇ ਅਦਾਲਤ ਦੀ ਮੋਹਰ ਹੇਠ ਜਾਰੀ ਕੀਤਾ ਗਿਆ।

ਮਿਤੀ : 1-4-2025

ਅਦਾਲਤੀ ਇਸ਼ਤਿਹਾਰ

ਬਅਦਾਲਤ ਸ਼੍ਰੀ ਮਾਨ ਜੀ ਦੀ ਅਦਾਲਤ ਵਿੱਚ ਹਾਜ਼ਰ ਹੋਣ ਲਈ ਨੋਟਿਸ ਜਾਰੀ ਕੀਤਾ ਜਾਂਦਾ ਹੈ। ਜੇਕਰ ਕੋਈ ਧਿਰ ਮਿਤੀ ਪੇਸ਼ੀ ਨੂੰ ਹਾਜ਼ਰ ਨਾ ਆਈ ਤਾਂ ਉਸ ਵਿਰੁੱਧ ਇਕਤਰਫ਼ਾ ਕਾਰਵਾਈ ਅਮਲ ਵਿੱਚ ਲਿਆਂਦੀ ਜਾਵੇਗੀ। ਅੱਜ ਮਿਤੀ ਨੂੰ ਮੇਰੇ ਦਸਤਖਤਾਂ ਅਤੇ ਅਦਾਲਤ ਦੀ ਮੋਹਰ ਹੇਠ ਜਾਰੀ ਕੀਤਾ ਗਿਆ।

ਬਅਦਾਲਤ ਸ਼੍ਰੀ ਮਾਨ ਜੀ ਦੀ ਅਦਾਲਤ ਵਿੱਚ ਹਾਜ਼ਰ ਹੋਣ ਲਈ ਨੋਟਿਸ ਜਾਰੀ ਕੀਤਾ ਜਾਂਦਾ ਹੈ। ਜੇਕਰ ਕੋਈ ਧਿਰ ਮਿਤੀ ਪੇਸ਼ੀ ਨੂੰ ਹਾਜ਼ਰ ਨਾ ਆਈ ਤਾਂ ਉਸ ਵਿਰੁੱਧ ਇਕਤਰਫ਼ਾ ਕਾਰਵਾਈ ਅਮਲ ਵਿੱਚ ਲਿਆਂਦੀ ਜਾਵੇਗੀ। ਅੱਜ ਮਿਤੀ ਨੂੰ ਮੇਰੇ ਦਸਤਖਤਾਂ ਅਤੇ ਅਦਾਲਤ ਦੀ ਮੋਹਰ ਹੇਠ ਜਾਰੀ ਕੀਤਾ ਗਿਆ।

ਬਅਦਾਲਤ ਸ਼੍ਰੀ ਮਾਨ ਜੀ ਦੀ ਅਦਾਲਤ ਵਿੱਚ ਹਾਜ਼ਰ ਹੋਣ ਲਈ ਨੋਟਿਸ ਜਾਰੀ ਕੀਤਾ ਜਾਂਦਾ ਹੈ। ਜੇਕਰ ਕੋਈ ਧਿਰ ਮਿਤੀ ਪੇਸ਼ੀ ਨੂੰ ਹਾਜ਼ਰ ਨਾ ਆਈ ਤਾਂ ਉਸ ਵਿਰੁੱਧ ਇਕਤਰਫ਼ਾ ਕਾਰਵਾਈ ਅਮਲ ਵਿੱਚ ਲਿਆਂਦੀ ਜਾਵੇਗੀ। ਅੱਜ ਮਿਤੀ ਨੂੰ ਮੇਰੇ ਦਸਤਖਤਾਂ ਅਤੇ ਅਦਾਲਤ ਦੀ ਮੋਹਰ ਹੇਠ ਜਾਰੀ ਕੀਤਾ ਗਿਆ।

ਮਿਤੀ : 1-4-2025

ਟੈਲੀਫੋਨ ਕੁਨੈਕਸ਼ਨ ਨਾਂਅ ਦੀ ਬਦਲੀ

ਮੈਂ ਗੁਰ ਬੱਚ ਸਿੰਘ ਪੁੱਤਰ ਜਾਣ ਪੁੱਤਰ ਵੱਲ ਵਿਸਾ ਵਾਸਾ ਸਭ ਵਾਸੀ ਪਿੰਡ ਆਲਮਪੁਰ ਨੇ ਆਪਣਾ ਨਾਮ ਬਦਲ ਲਿਆ ਹੈ।

ਮੈਂ ਇੰਦਰਜੀਤ ਕੌਰ ਪਤਨੀ ਪਰਮਜੀਤ ਸਿੰਘ ਵਾਸੀ ਅੰਮ੍ਰਿਤਸਰ ਨੇ ਆਪਣਾ ਨਾਮ ਇੰਦਰਜੀਤ ਕੌਰ ਰੱਖ ਲਿਆ ਹੈ।

ਮੈਂ ਹਰਵਿੰਦਰ ਸਿੰਘ ਪੁੱਤਰ ਗੁਰਮੀਤ ਸਿੰਘ ਵਾਸੀ ਪਿੰਡ ਕਪੂਰਥਲਾ ਨੇ ਆਪਣਾ ਨਾਮ ਬਦਲ ਕੇ ਹਰਵਿੰਦਰ ਸਿੰਘ ਰੱਖ ਲਿਆ ਹੈ।

ਮੈਂ ਪ੍ਰਿਤਪਾਲ ਸਿੰਘ ਪੁੱਤਰ ਸਰਵਣ ਸਿੰਘ ਵਾਸੀ ਜਲੰਧਰ ਨੇ ਆਪਣਾ ਨਾਮ ਬਦਲ ਲਿਆ ਹੈ।

ਮੈਂ ਮਨਜੀਤ ਕੌਰ ਪਤਨੀ ਬਲਵਿੰਦਰ ਸਿੰਘ ਵਾਸੀ ਹੁਸ਼ਿਆਰਪੁਰ ਨੇ ਆਪਣਾ ਨਾਮ ਬਦਲ ਲਿਆ ਹੈ।

COURT NOTICE

IN THE COURT OF SH. SUMER SINGH GURJAR, IAS, FINANCIAL COMMISSIONER (APPEAL) PUNJAB CIVIL SECRETARIAT-2, SECTOR-9, CHANDIGARH

In case ROR No. 32 OF 2025

Nirmal Singh ... Petitioner V/S District Revenue Officer-cum-Assistant Collector 1st Grade, Jalandhar and others. ... Respondents

Given under my hand and seal of this Court on 04-04-2025

(Sumer Singh Gurjar), IAS, Financial Commissioner (Appeals) Punjab at Chandigarh

ਪੰਜਾਬ ਟਾਈਮਜ਼	ਕਲਾਸੀਫਾਈਡ/ਇਸ਼ਤਿਹਾਰ
CHANGE OF NAME
I, Sarbjit S/o Jai Ram R/o V&PO. Mustapur, Teh. & Distt. Hoshiarpur, Punjab, India, have changed my name from Sarbjit to Sarvjit. All concerned please note.
I, Mandeep Kaur Dhesi D/o Daljit Singh R/o Vpo. Dhesian Kahna tehsil Phillaur District Jalandhar have changed my name from Mandeep Kaur Dhesi to Mandeep Kaur. All concerned note please.
I Balvinder Singh S/o Balwant Singh R/o Village Sukhan Wala (Faridkot) have changed my name to Balwinder Singh.
I Sukhdip Kaur w/o Harpreet Singh R/o Kothe Malika Patti, VPO Golewala (Faridkot) have changed my name to Sukhdeep Kaur.
I Kartik S/o Onkar Ram R/o VPO Muhem Tehsil Nakodar, Jalandhar Punjab 144044, have changed my name and shall hereafter be known as Kartik Banger.
I, Deepak Kumar S/o Gurnam Chand Resident of Village Panjan Khurd Tehsil Shahkot, Pin code 144041, District Jalandhar, Punjab, India have changed my name from Deepak Kumar to Kumar Deepak. Now 'Kumar' is my surname. All concerned please note.
I Gurpreet Singh S/o Niranjan Singh R/o Village Balagan Teh. Dasuya Distt. Hoshiarpur (Pb.) declare that I have changed my name from GUYRPREET SINGH to GURPREET SINGH. All Concerned please note.
I Kuldeep singh s/o Kartar Singh R/o Village: Thatha Kishan Singh, Tehsil: Zira, Distt Ferozepur. Declare that my name Kuldeep Singh and Kuldip Singh is one and same person.
I, Stephen Kumar S/o Harbilas R/o VPO. Parasram Pur, Jalandhar, Punjab-144101 have changed my name from Stephen Kumar to Gowen Name as Stephen & Surname as Kumar. All concerned please note.
I, Nimrat Singh S/o Arvinder Singh R/o H.No. 49, Pathankot Road, Ramneek Avenue, Nutpur, Jalandhar, Punjab-144004 have changed my name from Nimrat Singh to Nimrat Singh Sagoo. All concerned please note.
I, Kirandeep Sokhi W/o Arvinder Singh R/o H.No. 49, Pathankot Road, Ramneek Avenue, Nutpur, Jalandhar, Punjab-144004 have changed my name from Kirandeep Sokhi to Kirandeep Kaur. All concerned please note.
I, Arvinder Singh S/o Amir Singh R/o H.No. 49, Pathankot Road, Ramneek Avenue, Nutpur, Jalandhar, Punjab-144012 have changed my name from Arvinder Singh to Arvinder Singh Sagoo. All concerned please note.
I Karanjeet Kaur and Karamjit Kaur R/o #150, Power Colony-2, PSPCL, Patiala Tehsil and Distt. Patiala both name are one and the same person i.e myself.
I Gurinder Singh S/O Hakam Singh R/O Village Doghari Shahi District Moga 142053 (Punjab) Have Changed My Name To Gurinder Singh Sidhu.
I Narender Kumar S/O Prem Chand R/O H.No.122 Scheme No.3 Palahi Road Shaheed Bhagat Singh Nagar Phagwara District Kapurthala Punjab Have Changed My Name From Narender Kumar To Narender Kumar Dhiman.
I Babli Dhiman W/O Narender Kumar R/O H.No.122 Scheme No.3 Palahi Road Shaheed Bhagat Singh Nagar Phagwara District Kapurthala State Punjab Have Changed My Name From Babli To Babli Dhiman.
I Kamaljit Kaur Dhaliwal W/O Tejinderpal Singh R/O Vpo. Morkarima Distt. Ludhiana Have Changed My Name To Kamaljit Kaur.
I, Veeramjit Singh S/o balwinder Singh R/o 9, Basant Nagar Chungi Wala Bazar Sultanwind Road Amritsar have changed my name to Veerampreet Singh.
I, Sukhjit Kaur W/o pritpal Singh R/o. Village dhoolwind distt Amritsar have changed my name to Sukhjeet Kaur.
I, REHMAT ARORA, W/o HARGUN SINGH GROVER, R/o H.NO. 47-A, GREEN AVENUE, AMRITSAR, HAVE CHANGED MY NAME FROM REHMAT ARORA TO REHMAT GROVER, PLEASE NOTE.
I, Chranjeet Kaur W/o Surjit Singh R/o Village Mugleri, Tarn Taran change my name from Chranjeet Kaur to Charanjit Kaur.
I, Manjeet Kaur W/o Gurmej Singh R/o H.No 297-98, GT Road, near alpha one, Rana Garden, amritsar, change my name from Manjeet Kaur to Manjit Kaur.
I, Rajwant Kaur W/o Joginder Singh R/o H.No. 159 masjid wali gali, Kirpa nagar, Naraingarh Chheharta Amritsar have changed my name to Raj Kaur.
I, Kanwaljit Kaur W/o Rana Partap Singh R/o VPO-Bhowana, Tehsil Ajnala Distt Amritsar Punjab india -143102 have changed my name to Kamaljit Kaur.
I, ANJU W/o SUDHIR MUKAR R/o 1315, STREET-4, JUDGE NAGAR, BATALA ROAD, AMRITSAR HAVE CHANGED MY NAME TO ANJU KAPOOR AFTER MARRIAGE ALL CONCERNED NOTE.
I Shivani Khanna w/o Mukesh Arora R/o. Mall Road, B/S Ebony Rose Avenue, Amritsar, change my name Shivani Khanna to Shivani Arora.
I hereinin known as MONICA D/o JAGMOHAN GILL R/o 172/30, NEAR GOPAL MANDIR, GOKAL AVENUE, DISTT. AMRITSAR-143001, PUNJAB, have changed my name and shall hereafter be known as MONIKA.
ਨਾਮ ਬਦਲੀ
ਮੈਂ ਗੁਰ ਬੱਚ ਸਿੰਘ ਪੁੱਤਰ ਜਾਣ ਪੁੱਤਰ ਵੱਲ ਵਿਸਾ ਵਾਸਾ ਸਭ ਵਾਸੀ ਪਿੰਡ ਆਲਮਪੁਰ ਨੇ ਆਪਣਾ ਨਾਮ ਬਦਲ ਲਿਆ ਹੈ।
ਮੈਂ ਇੰਦਰਜੀਤ ਕੌਰ ਪਤਨੀ ਪਰਮਜੀਤ ਸਿੰਘ ਵਾਸੀ ਅੰਮ੍ਰਿਤਸਰ ਨੇ ਆਪਣਾ ਨਾਮ ਇੰਦਰਜੀਤ ਕੌਰ ਰੱਖ ਲਿਆ ਹੈ।
ਮੈਂ ਹਰਵਿੰਦਰ ਸਿੰਘ ਪੁੱਤਰ ਗੁਰਮੀਤ ਸਿੰਘ ਵਾਸੀ ਪਿੰਡ ਕਪੂਰਥਲਾ ਨੇ ਆਪਣਾ ਨਾਮ ਬਦਲ ਕੇ ਹਰਵਿੰਦਰ ਸਿੰਘ ਰੱਖ ਲਿਆ ਹੈ।
ਮੈਂ ਪ੍ਰਿਤਪਾਲ ਸਿੰਘ ਪੁੱਤਰ ਸਰਵਣ ਸਿੰਘ ਵਾਸੀ ਜਲੰਧਰ ਨੇ ਆਪਣਾ ਨਾਮ ਬਦਲ ਲਿਆ ਹੈ।
ਮੈਂ ਮਨਜੀਤ ਕੌਰ ਪਤਨੀ ਬਲਵਿੰਦਰ ਸਿੰਘ ਵਾਸੀ ਹੁਸ਼ਿਆਰਪੁਰ ਨੇ ਆਪਣਾ ਨਾਮ ਬਦਲ ਲਿਆ ਹੈ।
ਮੈਂ ਰਾਜਵਿੰਦਰ ਕੌਰ ਪਤਨੀ ਸੁਖਦੇਵ ਸਿੰਘ ਵਾਸੀ ਪਟਿਆਲਾ ਨੇ ਆਪਣਾ ਨਾਮ ਬਦਲ ਲਿਆ ਹੈ।
ਮੈਂ Bachittar Singh ਪੁੱਤਰ ਜਗੀਰ ਸਿੰਘ ਵਾਸੀ ਪਿੰਡ ਲੁਧਿਆਣਾ ਨੇ ਆਪਣਾ ਨਾਮ ਬਦਲ ਲਿਆ ਹੈ।
ਮੈਂ ਪਰਮਜੀਤ ਪਤਨੀ ਸੁਰਿੰਦਰ ਸਿੰਘ ਵਾਸੀ ਅੰਮ੍ਰਿਤਸਰ ਨੇ ਆਪਣਾ ਨਾਮ ਬਦਲ ਲਿਆ ਹੈ।
ਮੈਂ Pritam Singh S/o Sohal Singh ਵਾਸੀ ਪਿੰਡ ਫਿਰੋਜ਼ਪੁਰ ਨੇ ਆਪਣਾ ਨਾਮ ਬਦਲ ਲਿਆ ਹੈ।
ਬੇਦਖਲੀ ਨੋਟਿਸ
ਮੈਂ ਗੁਰਮੀਤ ਕੌਰ ਪਤਨੀ ਅਜੀਤ ਸਿੰਘ ਵਾਸੀ ਪਿੰਡ ਆਪਣੇ ਪੁੱਤਰ ਨੂੰ ਬੇਦਖਲ ਕਰਦੀ ਹਾਂ। ਇਸ਼ਤਿਹਾਰ ਦੇਣ ਵਾਲਾ ਜ਼ਿੰਮੇਵਾਰ ਨਹੀਂ ਹੋਵੇਗਾ।
DISINHERITANCE NOTICE
I, Som Raj S/o Pritam Chand R/o Vill: Singhowal Teh-Mukerian Distt. Hoshiarpur declare that my son Raman Kumar is out of my control. So I disown with him from my movable/immovable property. If anybody dealing with him at his/her own risk.
PUBLIC NOTICE
It is brought to the notice of the public at large that original RSD No 8010 Dated 07-02-2014 favoring Ashok Kumar S/o Sadhu Ram is informed by the party have not been mortgaged with any Bank or Financial Institution, and is not traceable. Naveen Goyal Advocate, Chamber No. 173-174, District Courts-BATHINDA. Mobile: 9814159949
CHANGE OF NAME
I, hitherto known as SINDO WO JOGINDER PAL R/o VILLAGE JALALPUR, PO BHIKHOWAL, DISTT. HOSHIARPUR-146001, PUNJAB have changed my name and shall hereafter be known as SURINDER KAUR.
I Gurshan Singh Kamboj Son of Harpreet Singh Resident of Village Alfooke PO Hamad District Ferozepur have changed my name to Gurshan Singh.
I Baaj Singh S/o Pritam Singh Resident of Vpo Fattu Wala District Ferozepur have changed my name to Baj Singh.
I Parwinder Kaur w/o wife of Baj Singh Resident of Vpo Fattu Wala District Ferozepur have changed my name to Parminder Kaur.
I Jatinder Jaryal S/O Sh. Anchal Singh Residing At Kala Mahij Kothi, Ward No 2, Mukerian, Distt. Hoshiarpur, Punjab Have Changed Name Of My Minor Daughter Aadhira Aged About 3 Years And Shall Hereafter Be Known As Aadhira Jaryal.
ਬੇਦਖਲੀ ਨੋਟਿਸ
ਮੈਂ ਬਲਦੇਵ ਸਿੰਘ ਪੁੱਤਰ ਲਾਭ ਸਿੰਘ ਵਾਸੀ ਪਿੰਡ ਆਪਣੇ ਪੁੱਤਰ ਨੂੰ ਆਪਣੀ ਚੱਲ ਅਚੱਲ ਜਾਇਦਾਦ ਤੋਂ ਬੇਦਖਲ ਕਰਦਾ ਹਾਂ। ਕੋਈ ਵੀ ਵਿਅਕਤੀ ਉਸ ਨਾਲ ਲੈਣ ਦੇਣ ਆਪਣੀ ਜਿੰਮੇਵਾਰੀ ਤੇ ਕਰੇਗਾ।
ਮੈਂ ਸੁਖਦੇਵ ਸਿੰਘ ਪੁੱਤਰ ਕਰਤਾਰ ਸਿੰਘ ਵਾਸੀ ਪਿੰਡ ਆਪਣੇ ਪੁੱਤਰ ਅਤੇ ਨੂੰਹ ਨੂੰ ਆਪਣੀ ਜਾਇਦਾਦ ਤੋਂ ਬੇਦਖਲ ਕਰਦਾ ਹਾਂ।
ਮੈਂ ਗੁਰਮੀਤ ਕੌਰ ਪਤਨੀ ਅਜੀਤ ਸਿੰਘ ਵਾਸੀ ਪਿੰਡ ਆਪਣੇ ਪੁੱਤਰ ਨੂੰ ਬੇਦਖਲ ਕਰਦੀ ਹਾਂ। ਇਸ਼ਤਿਹਾਰ ਦੇਣ ਵਾਲਾ ਜ਼ਿੰਮੇਵਾਰ ਨਹੀਂ ਹੋਵੇਗਾ।
ਮੈਂ ਦਰਸ਼ਨ ਸਿੰਘ ਪੁੱਤਰ ਬਚਨ ਸਿੰਘ ਵਾਸੀ ਪਿੰਡ ਆਪਣੇ ਲੜਕੇ ਨੂੰ ਜਾਇਦਾਦ ਤੋਂ ਬੇਦਖਲ ਕਰਦਾ ਹਾਂ।
ਮੈਂ ਜਸਵੰਤ ਸਿੰਘ ਪੁੱਤਰ ਕਿਸ਼ਨ ਸਿੰਘ ਵਾਸੀ ਪਿੰਡ ਆਪਣੇ ਪੁੱਤਰ ਨੂੰ ਬੇਦਖਲ ਕਰਦਾ ਹਾਂ।
ਮੈਂ ਪਰਮਜੀਤ ਕੌਰ ਪਤਨੀ ਹਰਭਜਨ ਸਿੰਘ ਵਾਸੀ ਆਪਣੇ ਪੁੱਤਰ ਨੂੰ ਬੇਦਖਲ ਕਰਦੀ ਹਾਂ।
ਮੈਂ ਮੋਹਨ ਲਾਲ ਪੁੱਤਰ ਰਾਮ ਲਾਲ ਵਾਸੀ ਆਪਣੇ ਲੜਕੇ ਨੂੰ ਬੇਦਖਲ ਕਰਦਾ ਹਾਂ।
ਮੈਂ ਗੁਰਦੇਵ ਸਿੰਘ ਪੁੱਤਰ ਸੰਤਾ ਸਿੰਘ ਵਾਸੀ ਆਪਣੇ ਪੁੱਤਰ ਨੂੰ ਬੇਦਖਲ ਕਰਦਾ ਹਾਂ।
ਮੈਂ ਬਲਵੀਰ ਕੌਰ ਪਤਨੀ ਜਗਤਾਰ ਸਿੰਘ ਵਾਸੀ ਆਪਣੇ ਪੁੱਤਰ ਨੂੰ ਬੇਦਖਲ ਕਰਦੀ ਹਾਂ।
ਮੈਂ ਹਰਜੀਤ ਸਿੰਘ ਪੁੱਤਰ ਬਖਸ਼ੀਸ਼ ਸਿੰਘ ਵਾਸੀ ਆਪਣੇ ਪੁੱਤਰ ਨੂੰ ਬੇਦਖਲ ਕਰਦਾ ਹਾਂ।
ਮੈਂ ਬਲਦੇਵ ਸਿੰਘ ਪੁੱਤਰ ਲਾਭ ਸਿੰਘ ਵਾਸੀ ਪਿੰਡ ਆਪਣੇ ਪੁੱਤਰ ਨੂੰ ਆਪਣੀ ਚੱਲ ਅਚੱਲ ਜਾਇਦਾਦ ਤੋਂ ਬੇਦਖਲ ਕਰਦਾ ਹਾਂ। ਕੋਈ ਵੀ ਵਿਅਕਤੀ ਉਸ ਨਾਲ ਲੈਣ ਦੇਣ ਆਪਣੀ ਜਿੰਮੇਵਾਰੀ ਤੇ ਕਰੇਗਾ।
ਮੈਂ ਦਰਸ਼ਨ ਸਿੰਘ ਪੁੱਤਰ ਬਚਨ ਸਿੰਘ ਵਾਸੀ ਪਿੰਡ ਆਪਣੇ ਲੜਕੇ ਨੂੰ ਜਾਇਦਾਦ ਤੋਂ ਬੇਦਖਲ ਕਰਦਾ ਹਾਂ।
ਮੈਂ ਪਰਮਜੀਤ ਕੌਰ ਪਤਨੀ ਹਰਭਜਨ ਸਿੰਘ ਵਾਸੀ ਆਪਣੇ ਪੁੱਤਰ ਨੂੰ ਬੇਦਖਲ ਕਰਦੀ ਹਾਂ।
ਮੈਂ ਗੁਰਦੇਵ ਸਿੰਘ ਪੁੱਤਰ ਸੰਤਾ ਸਿੰਘ ਵਾਸੀ ਆਪਣੇ ਪੁੱਤਰ ਨੂੰ ਬੇਦਖਲ ਕਰਦਾ ਹਾਂ।
ਮੈਂ ਹਰਜੀਤ ਸਿੰਘ ਪੁੱਤਰ ਬਖਸ਼ੀਸ਼ ਸਿੰਘ ਵਾਸੀ ਆਪਣੇ ਪੁੱਤਰ ਨੂੰ ਬੇਦਖਲ ਕਰਦਾ ਹਾਂ।
ਅਦਾਲਤੀ ਇਸ਼ਤਿਹਾਰ

ਬਅਦਾਲਤ ਸ਼੍ਰੀ ਮਾਨ ਜੀ ਦੀ ਅਦਾਲਤ ਵਿੱਚ ਹਾਜ਼ਰ ਹੋਣ ਲਈ ਨੋਟਿਸ ਜਾਰੀ ਕੀਤਾ ਜਾਂਦਾ ਹੈ। ਜੇਕਰ ਕੋਈ ਧਿਰ ਮਿਤੀ ਪੇਸ਼ੀ ਨੂੰ ਹਾਜ਼ਰ ਨਾ ਆਈ ਤਾਂ ਉਸ ਵਿਰੁੱਧ ਇਕਤਰਫ਼ਾ ਕਾਰਵਾਈ ਅਮਲ ਵਿੱਚ ਲਿਆਂਦੀ ਜਾਵੇਗੀ। ਅੱਜ ਮਿਤੀ ਨੂੰ ਮੇਰੇ ਦਸਤਖਤਾਂ ਅਤੇ ਅਦਾਲਤ ਦੀ ਮੋਹਰ ਹੇਠ ਜਾਰੀ ਕੀਤਾ ਗਿਆ।

ਬਅਦਾਲਤ ਸ਼੍ਰੀ ਮਾਨ ਜੀ ਦੀ ਅਦਾਲਤ ਵਿੱਚ ਹਾਜ਼ਰ ਹੋਣ ਲਈ ਨੋਟਿਸ ਜਾਰੀ ਕੀਤਾ ਜਾਂਦਾ ਹੈ। ਜੇਕਰ ਕੋਈ ਧਿਰ ਮਿਤੀ ਪੇਸ਼ੀ ਨੂੰ ਹਾਜ਼ਰ ਨਾ ਆਈ ਤਾਂ ਉਸ ਵਿਰੁੱਧ ਇਕਤਰਫ਼ਾ ਕਾਰਵਾਈ ਅਮਲ ਵਿੱਚ ਲਿਆਂਦੀ ਜਾਵੇਗੀ। ਅੱਜ ਮਿਤੀ ਨੂੰ ਮੇਰੇ ਦਸਤਖਤਾਂ ਅਤੇ ਅਦਾਲਤ ਦੀ ਮੋਹਰ ਹੇਠ ਜਾਰੀ ਕੀਤਾ ਗਿਆ।

ਬਅਦਾਲਤ ਸ਼੍ਰੀ ਮਾਨ ਜੀ ਦੀ ਅਦਾਲਤ ਵਿੱਚ ਹਾਜ਼ਰ ਹੋਣ ਲਈ ਨੋਟਿਸ ਜਾਰੀ ਕੀਤਾ ਜਾਂਦਾ ਹੈ। ਜੇਕਰ ਕੋਈ ਧਿਰ ਮਿਤੀ ਪੇਸ਼ੀ ਨੂੰ ਹਾਜ਼ਰ ਨਾ ਆਈ ਤਾਂ ਉਸ ਵਿਰੁੱਧ ਇਕਤਰਫ਼ਾ ਕਾਰਵਾਈ ਅਮਲ ਵਿੱਚ ਲਿਆਂਦੀ ਜਾਵੇਗੀ। ਅੱਜ ਮਿਤੀ ਨੂੰ ਮੇਰੇ ਦਸਤਖਤਾਂ ਅਤੇ ਅਦਾਲਤ ਦੀ ਮੋਹਰ ਹੇਠ ਜਾਰੀ ਕੀਤਾ ਗਿਆ।

ਮਿਤੀ : 23-04-2025

C M Y K	C M Y K
